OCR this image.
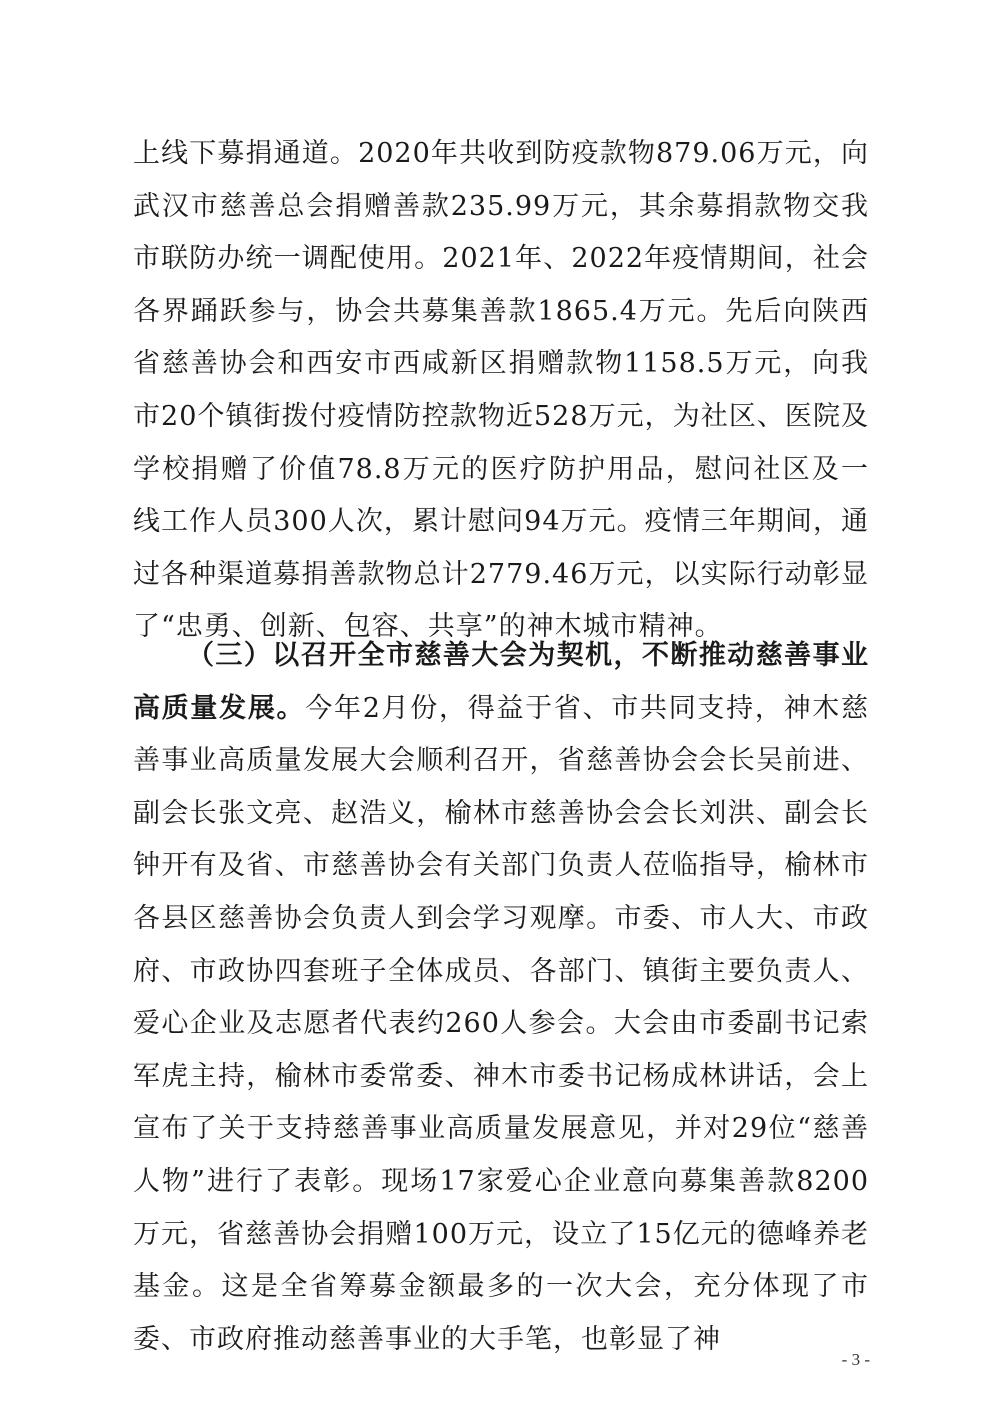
上线下募捐通道。2020年共收到防疫款物879.06万元，向武汉市慈善总会捐赠善款235.99万元，其余募捐款物交我市联防办统一调配使用。2021年、2022年疫情期间，社会各界踊跃参与，协会共募集善款1865.4万元。先后向陕西省慈善协会和西安市西咸新区捐赠款物1158.5万元，向我市20个镇街拨付疫情防控款物近528万元，为社区、医院及学校捐赠了价值78.8万元的医疗防护用品，慰问社区及一线工作人员300人次，累计慰问94万元。疫情三年期间，通过各种渠道募捐善款物总计2779.46万元，以实际行动彰显了“忠勇、创新、包容、共享”的神木城市精神。

（三）以召开全市慈善大会为契机，不断推动慈善事业高质量发展。今年2月份，得益于省、市共同支持，神木慈善事业高质量发展大会顺利召开，省慈善协会会长吴前进、副会长张文亮、赵浩义，榆林市慈善协会会长刘洪、副会长钟开有及省、市慈善协会有关部门负责人莅临指导，榆林市各县区慈善协会负责人到会学习观摩。市委、市人大、市政府、市政协四套班子全体成员、各部门、镇街主要负责人、爱心企业及志愿者代表约260人参会。大会由市委副书记索军虎主持，榆林市委常委、神木市委书记杨成林讲话，会上宣布了关于支持慈善事业高质量发展意见，并对29位“慈善人物”进行了表彰。现场17家爱心企业意向募集善款8200万元，省慈善协会捐赠100万元，设立了15亿元的德峰养老基金。这是全省筹募金额最多的一次大会，充分体现了市委、市政府推动慈善事业的大手笔，也彰显了神

- 3 -
